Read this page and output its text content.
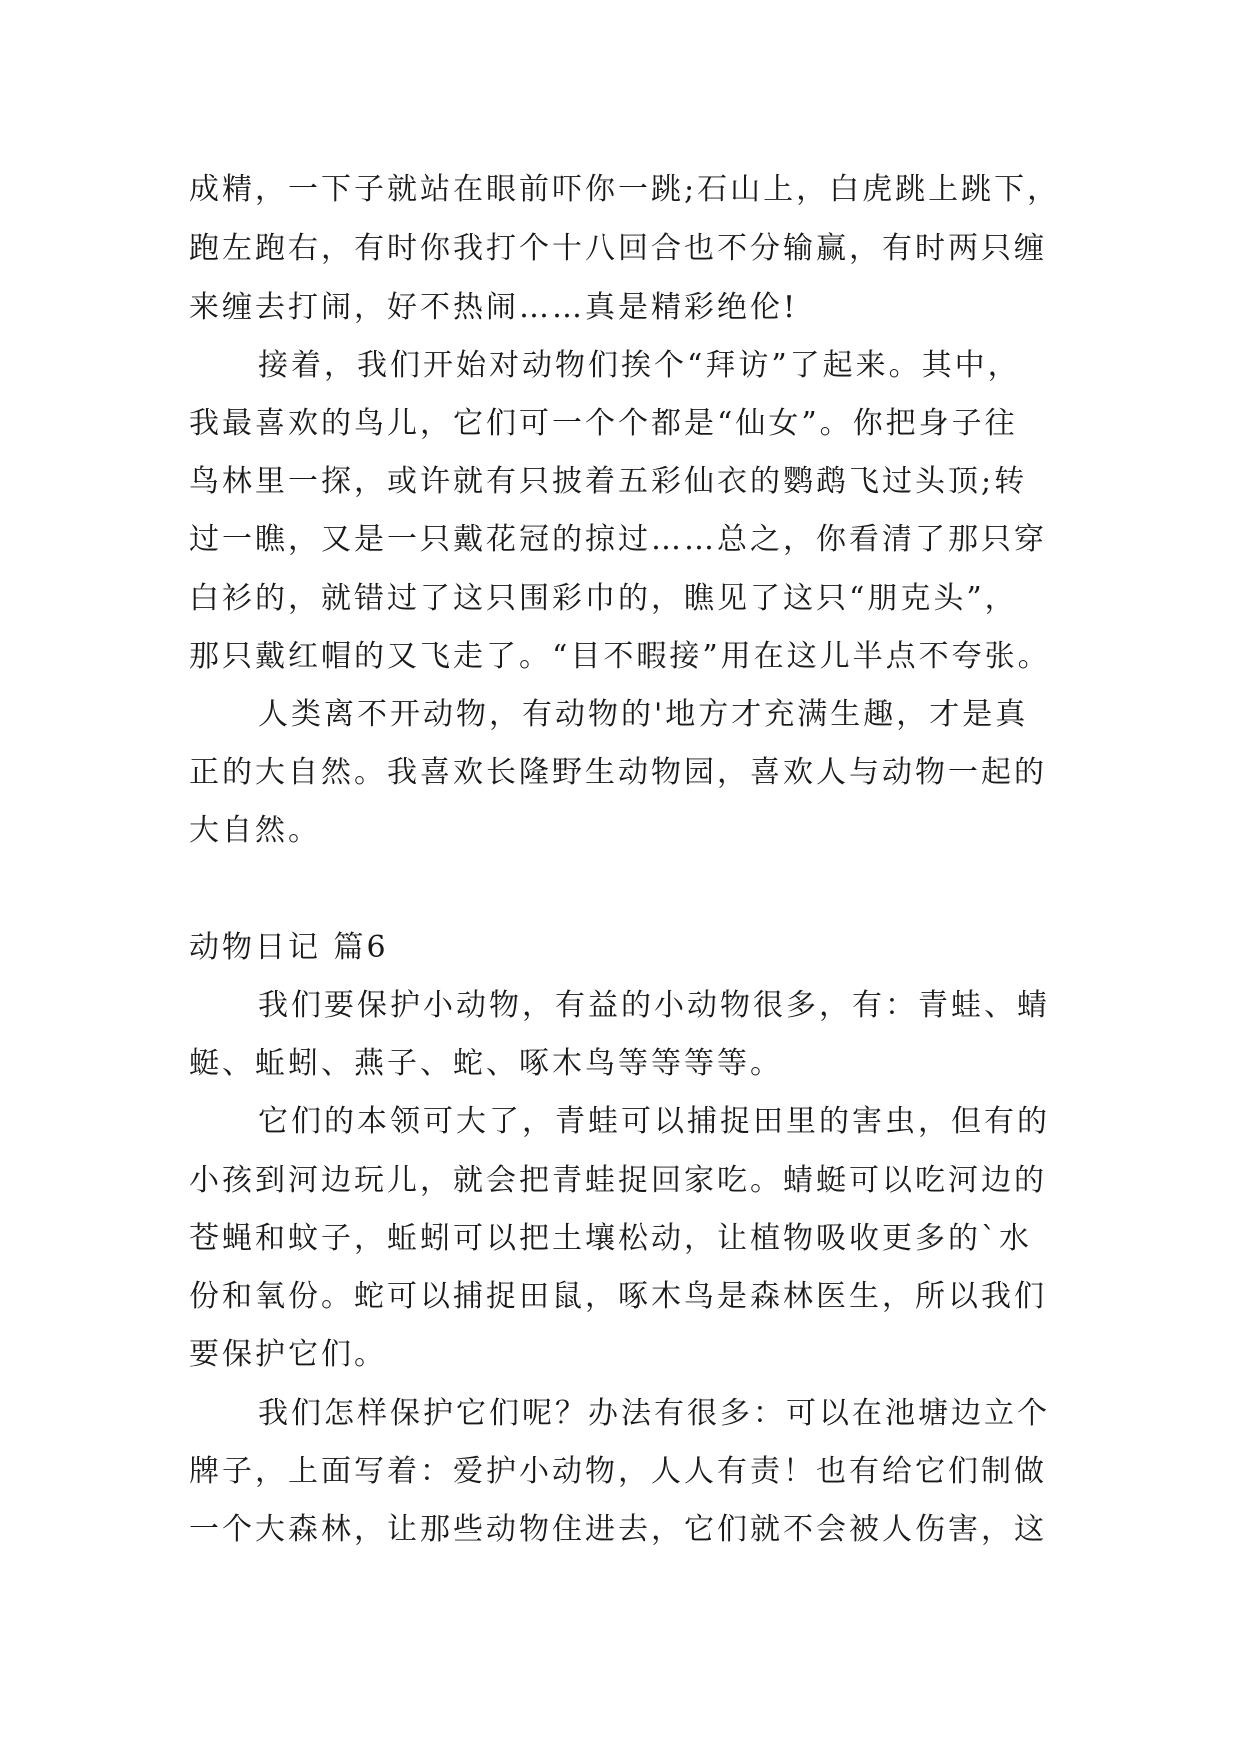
成精，一下子就站在眼前吓你一跳;石山上，白虎跳上跳下，
跑左跑右，有时你我打个十八回合也不分输赢，有时两只缠
来缠去打闹，好不热闹……真是精彩绝伦!
接着，我们开始对动物们挨个“拜访”了起来。其中，
我最喜欢的鸟儿，它们可一个个都是“仙女”。你把身子往
鸟林里一探，或许就有只披着五彩仙衣的鹦鹉飞过头顶;转
过一瞧，又是一只戴花冠的掠过……总之，你看清了那只穿
白衫的，就错过了这只围彩巾的，瞧见了这只“朋克头”，
那只戴红帽的又飞走了。“目不暇接”用在这儿半点不夸张。
人类离不开动物，有动物的'地方才充满生趣，才是真
正的大自然。我喜欢长隆野生动物园，喜欢人与动物一起的
大自然。
动物日记 篇6
我们要保护小动物，有益的小动物很多，有：青蛙、蜻
蜓、蚯蚓、燕子、蛇、啄木鸟等等等等。
它们的本领可大了，青蛙可以捕捉田里的害虫，但有的
小孩到河边玩儿，就会把青蛙捉回家吃。蜻蜓可以吃河边的
苍蝇和蚊子，蚯蚓可以把土壤松动，让植物吸收更多的`水
份和氧份。蛇可以捕捉田鼠，啄木鸟是森林医生，所以我们
要保护它们。
我们怎样保护它们呢？办法有很多：可以在池塘边立个
牌子，上面写着：爱护小动物，人人有责！也有给它们制做
一个大森林，让那些动物住进去，它们就不会被人伤害，这
